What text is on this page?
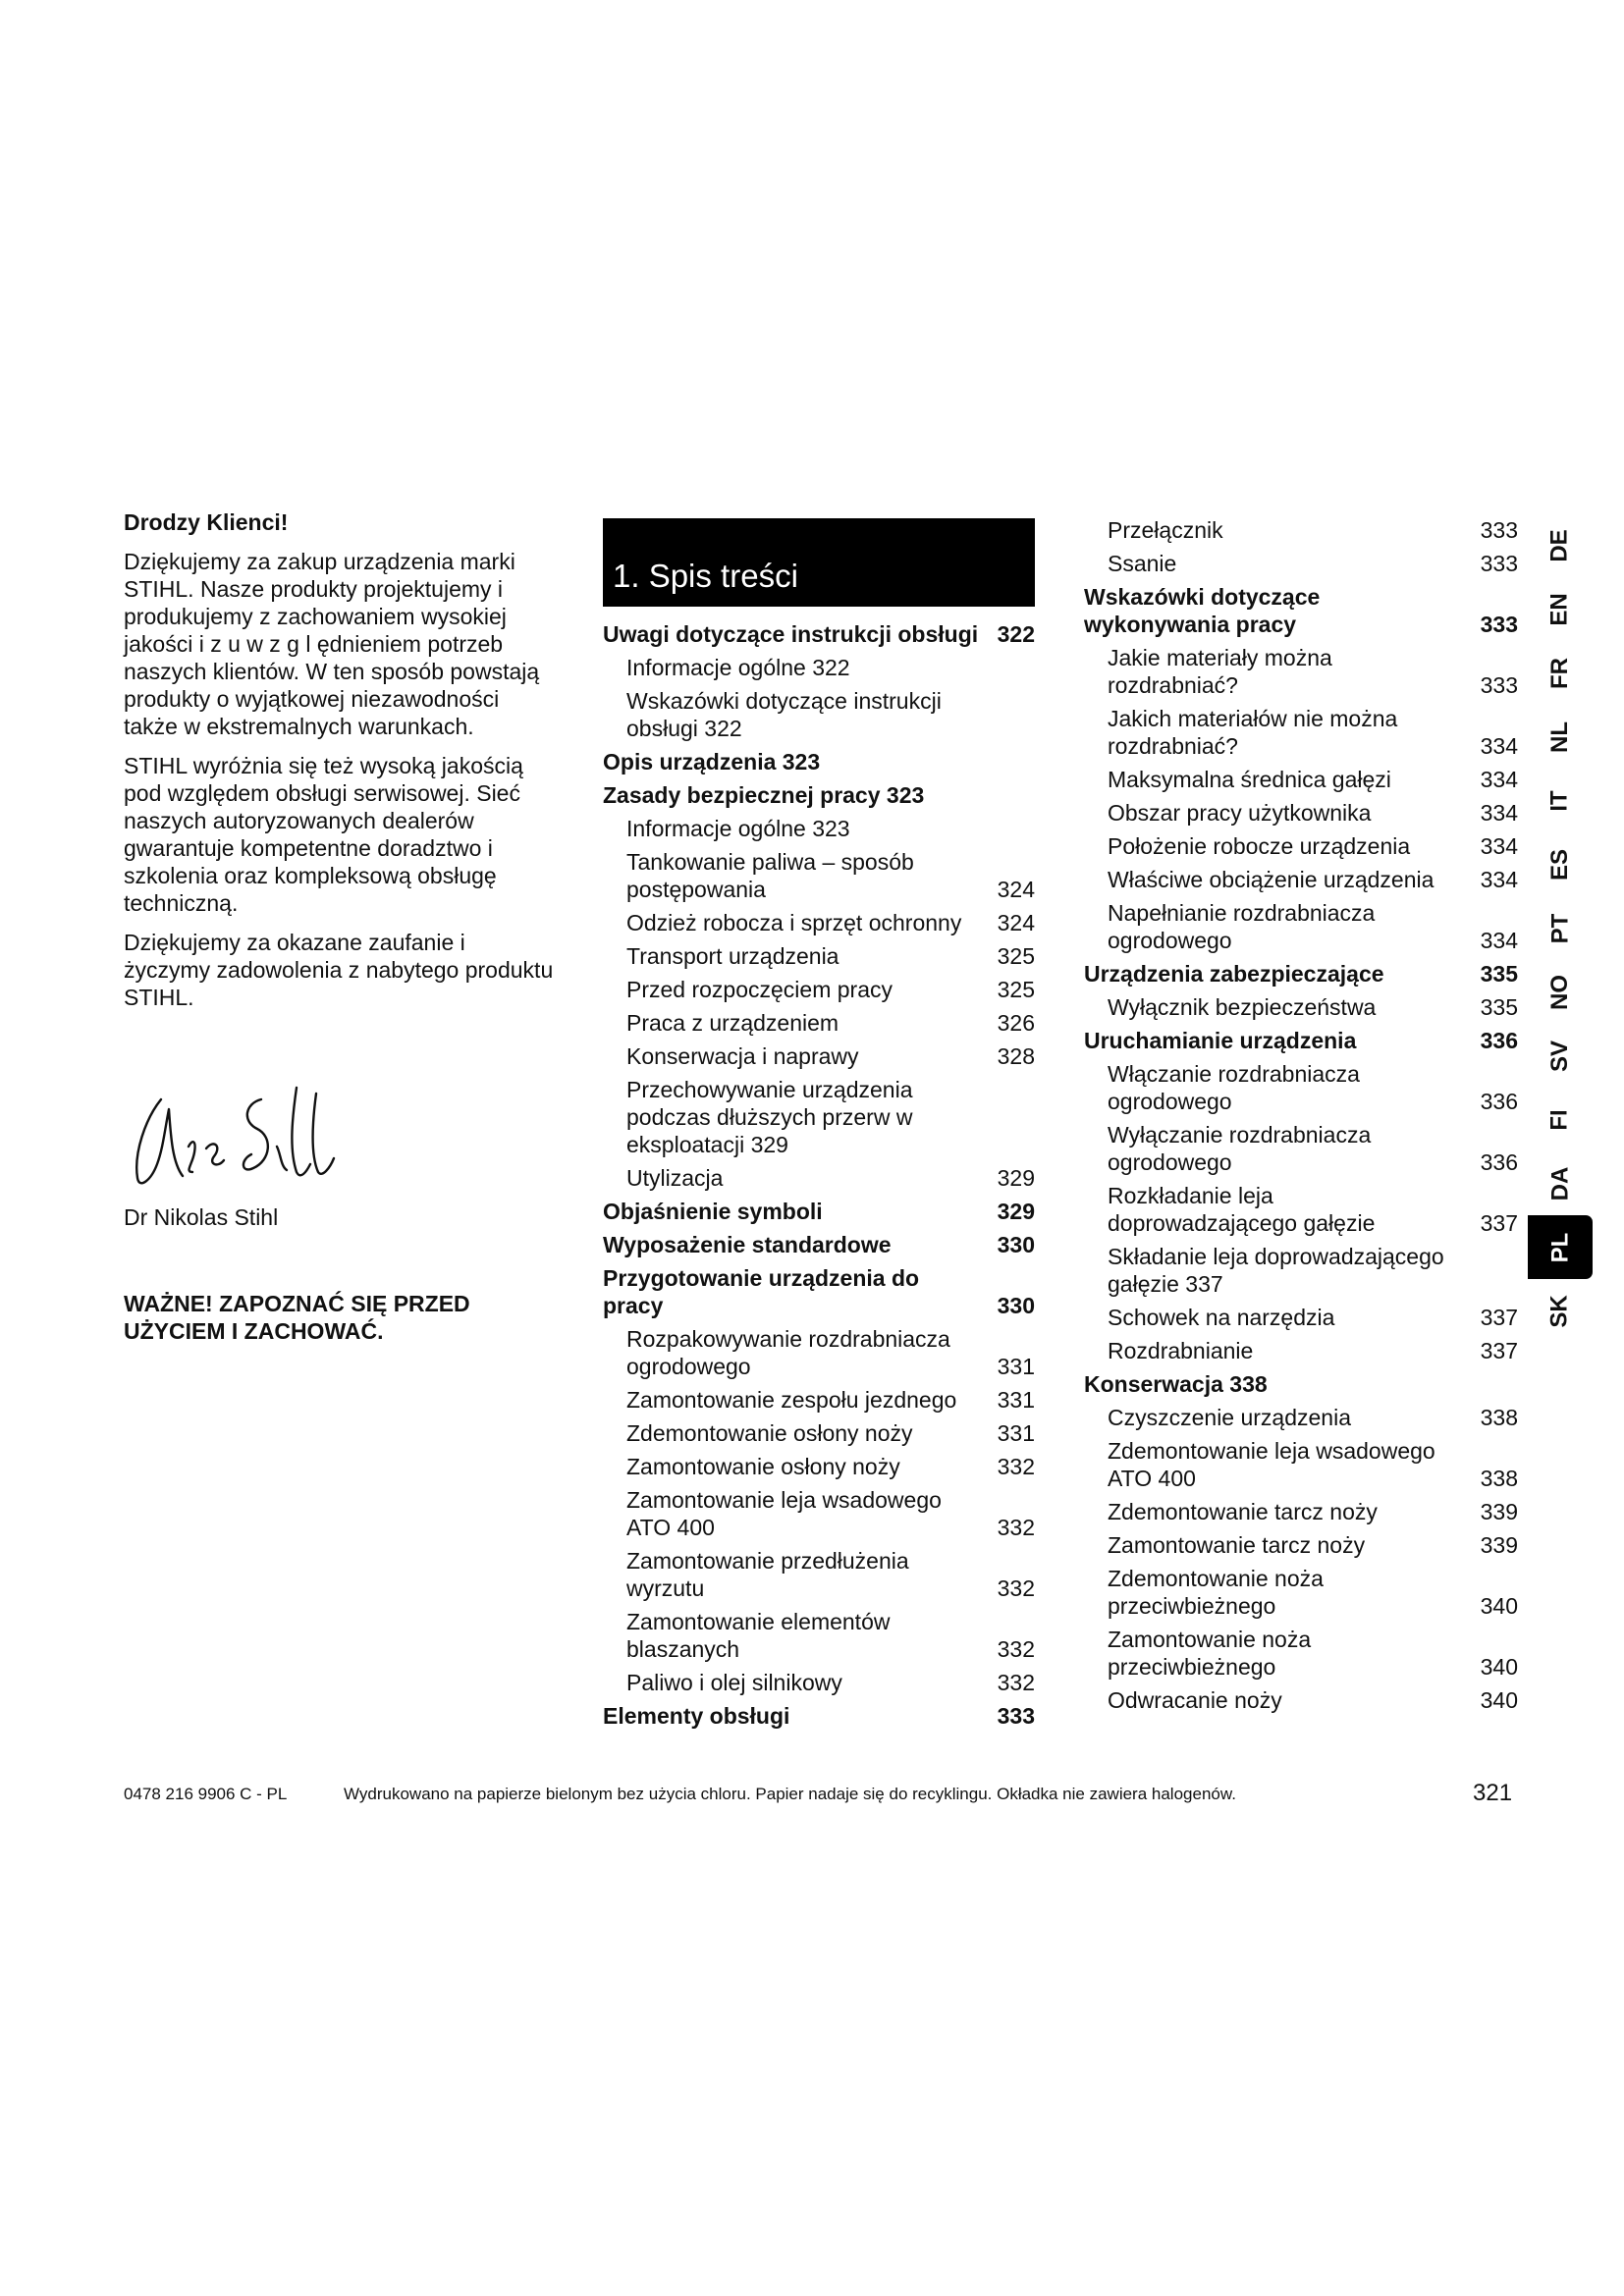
Drodzy Klienci!

Dziękujemy za zakup urządzenia marki STIHL. Nasze produkty projektujemy i produkujemy z zachowaniem wysokiej jakości i z u w z g l ędnieniem potrzeb naszych klientów. W ten sposób powstają produkty o wyjątkowej niezawodności także w ekstremalnych warunkach.

STIHL wyróżnia się też wysoką jakością pod względem obsługi serwisowej. Sieć naszych autoryzowanych dealerów gwarantuje kompetentne doradztwo i szkolenia oraz kompleksową obsługę techniczną.

Dziękujemy za okazane zaufanie i życzymy zadowolenia z nabytego produktu STIHL.

Dr Nikolas Stihl

WAŻNE! ZAPOZNAĆ SIĘ PRZED UŻYCIEM I ZACHOWAĆ.

1. Spis treści
Uwagi dotyczące instrukcji obsługi 322
Informacje ogólne 322
Wskazówki dotyczące instrukcji obsługi 322
Opis urządzenia 323
Zasady bezpiecznej pracy 323
Informacje ogólne 323
Tankowanie paliwa – sposób postępowania	324
Odzież robocza i sprzęt ochronny	324
Transport urządzenia	325
Przed rozpoczęciem pracy	325
Praca z urządzeniem	326
Konserwacja i naprawy	328
Przechowywanie urządzenia podczas dłuższych przerw w eksploatacji 329
Utylizacja	329
Objaśnienie symboli	329
Wyposażenie standardowe	330
Przygotowanie urządzenia do pracy	330
Rozpakowywanie rozdrabniacza ogrodowego	331
Zamontowanie zespołu jezdnego	331
Zdemontowanie osłony noży	331
Zamontowanie osłony noży	332
Zamontowanie leja wsadowego ATO 400	332
Zamontowanie przedłużenia wyrzutu	332
Zamontowanie elementów blaszanych	332
Paliwo i olej silnikowy	332
Elementy obsługi	333
Przełącznik	333
Ssanie	333
Wskazówki dotyczące wykonywania pracy	333
Jakie materiały można rozdrabniać?	333
Jakich materiałów nie można rozdrabniać?	334
Maksymalna średnica gałęzi	334
Obszar pracy użytkownika	334
Położenie robocze urządzenia	334
Właściwe obciążenie urządzenia	334
Napełnianie rozdrabniacza ogrodowego	334
Urządzenia zabezpieczające	335
Wyłącznik bezpieczeństwa	335
Uruchamianie urządzenia	336
Włączanie rozdrabniacza ogrodowego	336
Wyłączanie rozdrabniacza ogrodowego	336
Rozkładanie leja doprowadzającego gałęzie	337
Składanie leja doprowadzającego gałęzie 337
Schowek na narzędzia	337
Rozdrabnianie	337
Konserwacja 338
Czyszczenie urządzenia	338
Zdemontowanie leja wsadowego ATO 400	338
Zdemontowanie tarcz noży	339
Zamontowanie tarcz noży	339
Zdemontowanie noża przeciwbieżnego	340
Zamontowanie noża przeciwbieżnego	340
Odwracanie noży	340
DE
EN
FR
NL
IT
ES
PT
NO
SV
FI
DA
PL
SK
0478 216 9906 C - PL	Wydrukowano na papierze bielonym bez użycia chloru. Papier nadaje się do recyklingu. Okładka nie zawiera halogenów.	321
